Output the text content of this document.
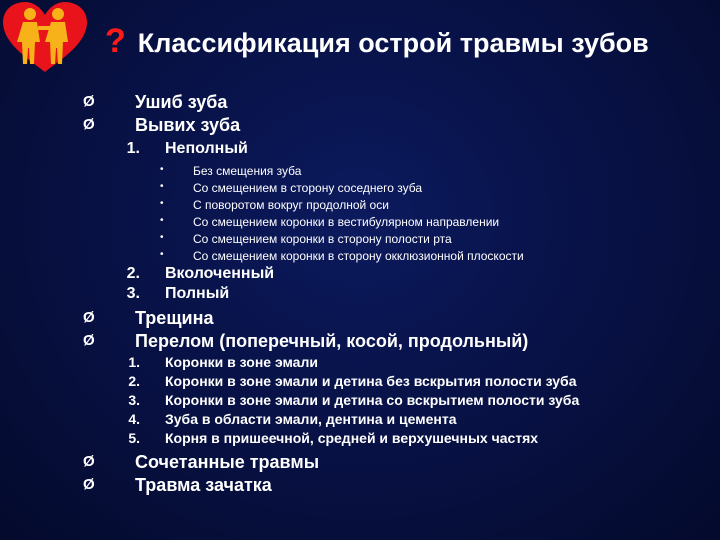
? Классификация острой травмы зубов
Ø Ушиб зуба
Ø Вывих зуба
1. Неполный
• Без смещения зуба
• Со смещением в сторону соседнего зуба
• С поворотом вокруг продолной оси
• Со смещением коронки в вестибулярном направлении
• Со смещением коронки в сторону полости рта
• Со смещением коронки в сторону окклюзионной плоскости
2. Вколоченный
3. Полный
Ø Трещина
Ø Перелом (поперечный, косой, продольный)
1. Коронки в зоне эмали
2. Коронки в зоне эмали и детина без вскрытия полости зуба
3. Коронки в зоне эмали и детина со вскрытием полости зуба
4. Зуба в области эмали, дентина и цемента
5. Корня в пришеечной, средней и верхушечных частях
Ø Сочетанные травмы
Ø Травма зачатка
